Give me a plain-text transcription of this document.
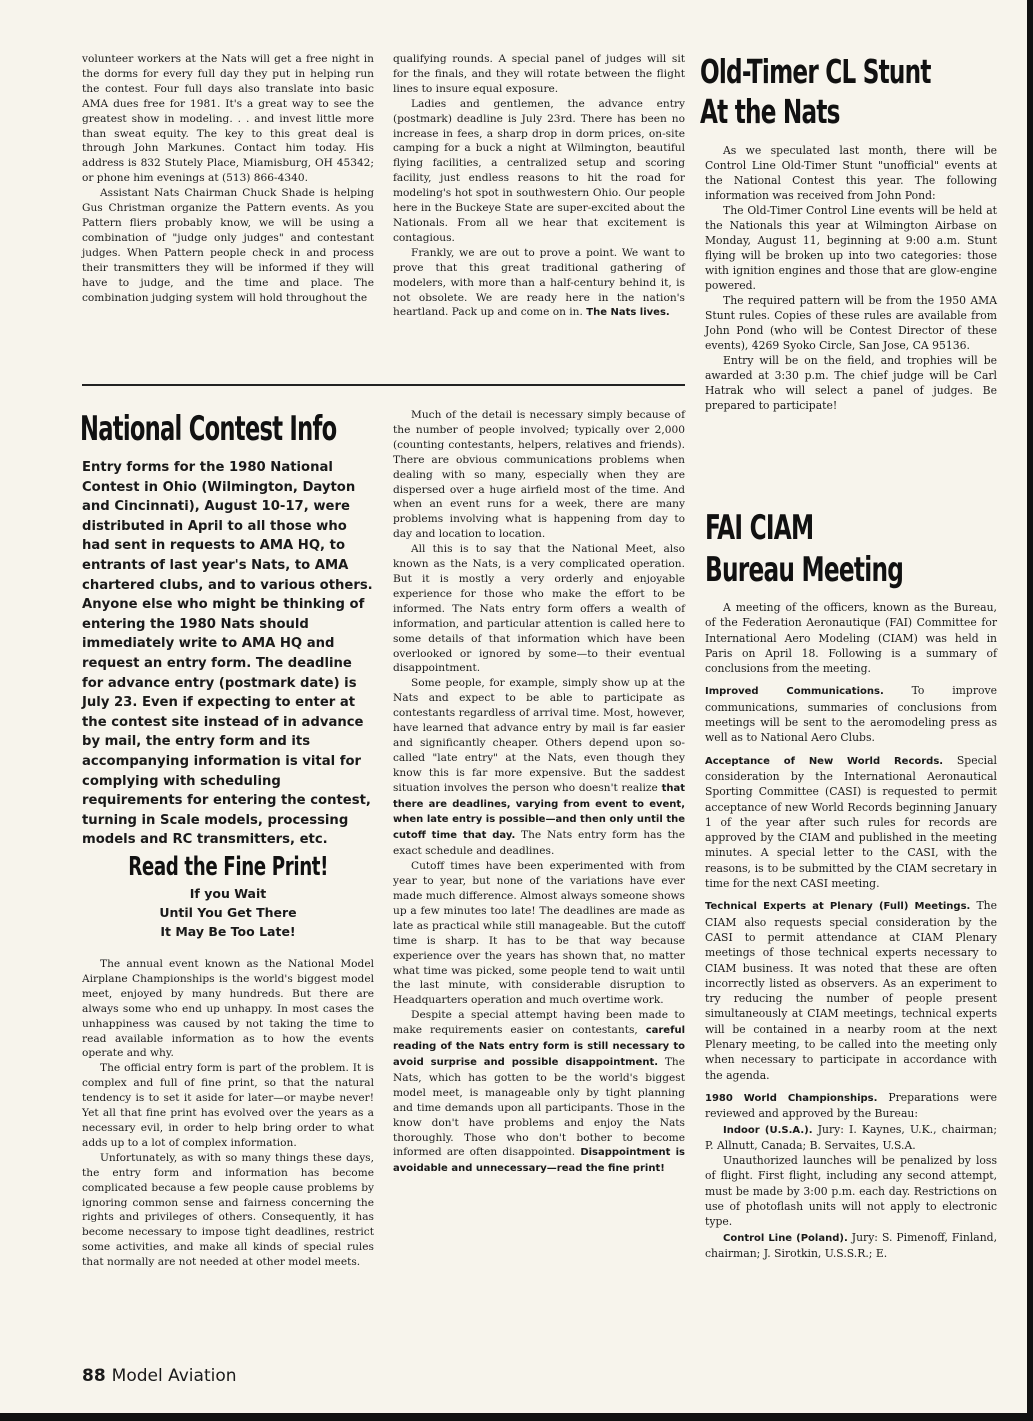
volunteer workers at the Nats will get a free night in the dorms for every full day they put in helping run the contest. Four full days also translate into basic AMA dues free for 1981. It's a great way to see the greatest show in modeling. . . and invest little more than sweat equity. The key to this great deal is through John Markunes. Contact him today. His address is 832 Stutely Place, Miamisburg, OH 45342; or phone him evenings at (513) 866-4340.

Assistant Nats Chairman Chuck Shade is helping Gus Christman organize the Pattern events. As you Pattern fliers probably know, we will be using a combination of "judge only judges" and contestant judges. When Pattern people check in and process their transmitters they will be informed if they will have to judge, and the time and place. The combination judging system will hold throughout the

qualifying rounds. A special panel of judges will sit for the finals, and they will rotate between the flight lines to insure equal exposure.

Ladies and gentlemen, the advance entry (postmark) deadline is July 23rd. There has been no increase in fees, a sharp drop in dorm prices, on-site camping for a buck a night at Wilmington, beautiful flying facilities, a centralized setup and scoring facility, just endless reasons to hit the road for modeling's hot spot in southwestern Ohio. Our people here in the Buckeye State are super-excited about the Nationals. From all we hear that excitement is contagious.

Frankly, we are out to prove a point. We want to prove that this great traditional gathering of modelers, with more than a half-century behind it, is not obsolete. We are ready here in the nation's heartland. Pack up and come on in. The Nats lives.

Old-Timer CL Stunt
At the Nats

As we speculated last month, there will be Control Line Old-Timer Stunt "unofficial" events at the National Contest this year. The following information was received from John Pond:

The Old-Timer Control Line events will be held at the Nationals this year at Wilmington Airbase on Monday, August 11, beginning at 9:00 a.m. Stunt flying will be broken up into two categories: those with ignition engines and those that are glow-engine powered.

The required pattern will be from the 1950 AMA Stunt rules. Copies of these rules are available from John Pond (who will be Contest Director of these events), 4269 Syoko Circle, San Jose, CA 95136.

Entry will be on the field, and trophies will be awarded at 3:30 p.m. The chief judge will be Carl Hatrak who will select a panel of judges. Be prepared to participate!

National Contest Info

Entry forms for the 1980 National Contest in Ohio (Wilmington, Dayton and Cincinnati), August 10-17, were distributed in April to all those who had sent in requests to AMA HQ, to entrants of last year's Nats, to AMA chartered clubs, and to various others. Anyone else who might be thinking of entering the 1980 Nats should immediately write to AMA HQ and request an entry form. The deadline for advance entry (postmark date) is July 23. Even if expecting to enter at the contest site instead of in advance by mail, the entry form and its accompanying information is vital for complying with scheduling requirements for entering the contest, turning in Scale models, processing models and RC transmitters, etc.

Read the Fine Print!
If you Wait
Until You Get There
It May Be Too Late!

The annual event known as the National Model Airplane Championships is the world's biggest model meet, enjoyed by many hundreds. But there are always some who end up unhappy. In most cases the unhappiness was caused by not taking the time to read available information as to how the events operate and why.

The official entry form is part of the problem. It is complex and full of fine print, so that the natural tendency is to set it aside for later—or maybe never! Yet all that fine print has evolved over the years as a necessary evil, in order to help bring order to what adds up to a lot of complex information.

Unfortunately, as with so many things these days, the entry form and information has become complicated because a few people cause problems by ignoring common sense and fairness concerning the rights and privileges of others. Consequently, it has become necessary to impose tight deadlines, restrict some activities, and make all kinds of special rules that normally are not needed at other model meets.

Much of the detail is necessary simply because of the number of people involved; typically over 2,000 (counting contestants, helpers, relatives and friends). There are obvious communications problems when dealing with so many, especially when they are dispersed over a huge airfield most of the time. And when an event runs for a week, there are many problems involving what is happening from day to day and location to location.

All this is to say that the National Meet, also known as the Nats, is a very complicated operation. But it is mostly a very orderly and enjoyable experience for those who make the effort to be informed. The Nats entry form offers a wealth of information, and particular attention is called here to some details of that information which have been overlooked or ignored by some—to their eventual disappointment.

Some people, for example, simply show up at the Nats and expect to be able to participate as contestants regardless of arrival time. Most, however, have learned that advance entry by mail is far easier and significantly cheaper. Others depend upon so-called "late entry" at the Nats, even though they know this is far more expensive. But the saddest situation involves the person who doesn't realize that there are deadlines, varying from event to event, when late entry is possible—and then only until the cutoff time that day. The Nats entry form has the exact schedule and deadlines.

Cutoff times have been experimented with from year to year, but none of the variations have ever made much difference. Almost always someone shows up a few minutes too late! The deadlines are made as late as practical while still manageable. But the cutoff time is sharp. It has to be that way because experience over the years has shown that, no matter what time was picked, some people tend to wait until the last minute, with considerable disruption to Headquarters operation and much overtime work.

Despite a special attempt having been made to make requirements easier on contestants, careful reading of the Nats entry form is still necessary to avoid surprise and possible disappointment. The Nats, which has gotten to be the world's biggest model meet, is manageable only by tight planning and time demands upon all participants. Those in the know don't have problems and enjoy the Nats thoroughly. Those who don't bother to become informed are often disappointed. Disappointment is avoidable and unnecessary—read the fine print!

FAI CIAM
Bureau Meeting

A meeting of the officers, known as the Bureau, of the Federation Aeronautique (FAI) Committee for International Aero Modeling (CIAM) was held in Paris on April 18. Following is a summary of conclusions from the meeting.

Improved Communications.	To improve communications, summaries of conclusions from meetings will be sent to the aeromodeling press as well as to National Aero Clubs.

Acceptance of New World Records. Special consideration by the International Aeronautical Sporting Committee (CASI) is requested to permit acceptance of new World Records beginning January 1 of the year after such rules for records are approved by the CIAM and published in the meeting minutes. A special letter to the CASI, with the reasons, is to be submitted by the CIAM secretary in time for the next CASI meeting.

Technical Experts at Plenary (Full) Meetings. The CIAM also requests special consideration by the CASI to permit attendance at CIAM Plenary meetings of those technical experts necessary to CIAM business. It was noted that these are often incorrectly listed as observers. As an experiment to try reducing the number of people present simultaneously at CIAM meetings, technical experts will be contained in a nearby room at the next Plenary meeting, to be called into the meeting only when necessary to participate in accordance with the agenda.

1980 World Championships. Preparations were reviewed and approved by the Bureau:

Indoor (U.S.A.). Jury: I. Kaynes, U.K., chairman; P. Allnutt, Canada; B. Servaites, U.S.A.

Unauthorized launches will be penalized by loss of flight. First flight, including any second attempt, must be made by 3:00 p.m. each day. Restrictions on use of photoflash units will not apply to electronic type.

Control Line (Poland). Jury: S. Pimenoff, Finland, chairman; J. Sirotkin, U.S.S.R.; E.

88 Model Aviation
